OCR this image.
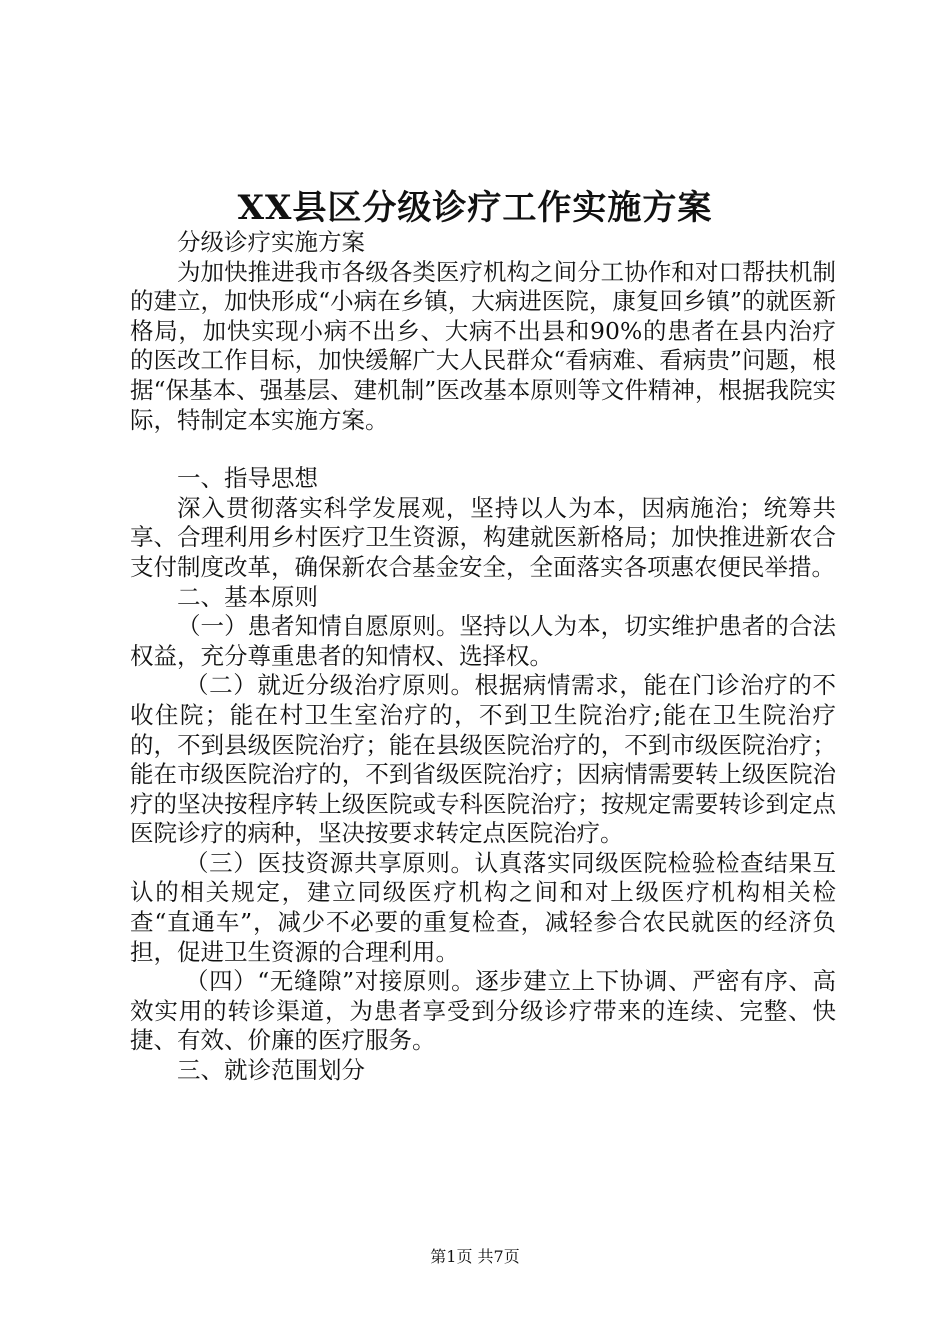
XX县区分级诊疗工作实施方案

分级诊疗实施方案

为加快推进我市各级各类医疗机构之间分工协作和对口帮扶机制的建立，加快形成“小病在乡镇，大病进医院，康复回乡镇”的就医新格局，加快实现小病不出乡、大病不出县和90%的患者在县内治疗的医改工作目标，加快缓解广大人民群众“看病难、看病贵”问题，根据“保基本、强基层、建机制”医改基本原则等文件精神，根据我院实际，特制定本实施方案。

一、指导思想

深入贯彻落实科学发展观，坚持以人为本，因病施治；统筹共享、合理利用乡村医疗卫生资源，构建就医新格局；加快推进新农合支付制度改革，确保新农合基金安全，全面落实各项惠农便民举措。

二、基本原则

（一）患者知情自愿原则。坚持以人为本，切实维护患者的合法权益，充分尊重患者的知情权、选择权。

（二）就近分级治疗原则。根据病情需求，能在门诊治疗的不收住院；能在村卫生室治疗的，不到卫生院治疗;能在卫生院治疗的，不到县级医院治疗；能在县级医院治疗的，不到市级医院治疗；能在市级医院治疗的，不到省级医院治疗；因病情需要转上级医院治疗的坚决按程序转上级医院或专科医院治疗；按规定需要转诊到定点医院诊疗的病种，坚决按要求转定点医院治疗。

（三）医技资源共享原则。认真落实同级医院检验检查结果互认的相关规定，建立同级医疗机构之间和对上级医疗机构相关检查“直通车”，减少不必要的重复检查，减轻参合农民就医的经济负担，促进卫生资源的合理利用。

（四）“无缝隙”对接原则。逐步建立上下协调、严密有序、高效实用的转诊渠道，为患者享受到分级诊疗带来的连续、完整、快捷、有效、价廉的医疗服务。

三、就诊范围划分

第1页 共7页
